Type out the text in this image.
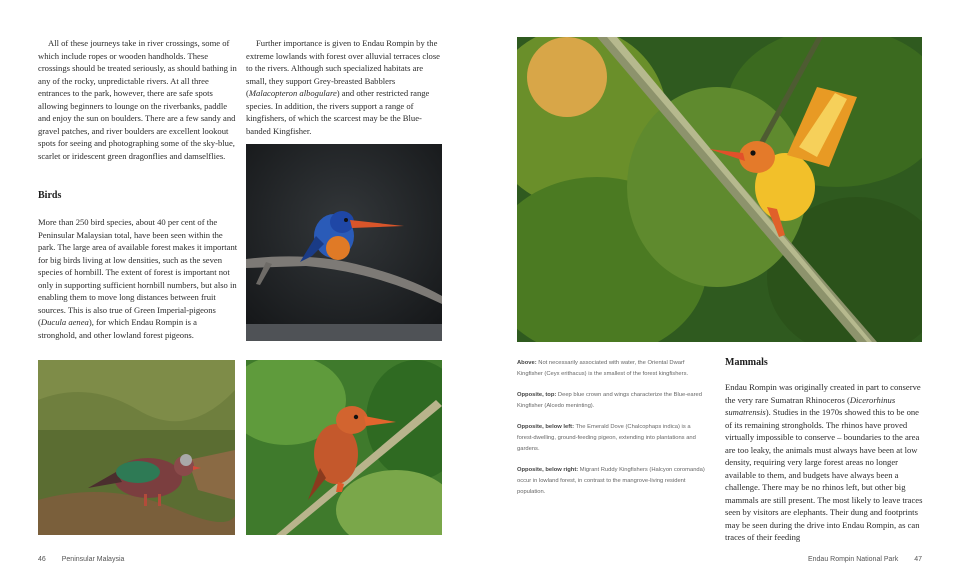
All of these journeys take in river crossings, some of which include ropes or wooden handholds. These crossings should be treated seriously, as should bathing in any of the rocky, unpredictable rivers. At all three entrances to the park, however, there are safe spots allowing beginners to lounge on the riverbanks, paddle and enjoy the sun on boulders. There are a few sandy and gravel patches, and river boulders are excellent lookout spots for seeing and photographing some of the sky-blue, scarlet or iridescent green dragonflies and damselflies.

Birds

More than 250 bird species, about 40 per cent of the Peninsular Malaysian total, have been seen within the park. The large area of available forest makes it important for big birds living at low densities, such as the seven species of hornbill. The extent of forest is important not only in supporting sufficient hornbill numbers, but also in enabling them to move long distances between fruit sources. This is also true of Green Imperial-pigeons (Ducula aenea), for which Endau Rompin is a stronghold, and other lowland forest pigeons.

Further importance is given to Endau Rompin by the extreme lowlands with forest over alluvial terraces close to the rivers. Although such specialized habitats are small, they support Grey-breasted Babblers (Malacopteron albogulare) and other restricted range species. In addition, the rivers support a range of kingfishers, of which the scarcest may be the Blue-banded Kingfisher.

46 Peninsular Malaysia

Above: Not necessarily associated with water, the Oriental Dwarf Kingfisher (Ceyx erithacus) is the smallest of the forest kingfishers.

Opposite, top: Deep blue crown and wings characterize the Blue-eared Kingfisher (Alcedo meninting).

Opposite, below left: The Emerald Dove (Chalcophaps indica) is a forest-dwelling, ground-feeding pigeon, extending into plantations and gardens.

Opposite, below right: Migrant Ruddy Kingfishers (Halcyon coromanda) occur in lowland forest, in contrast to the mangrove-living resident population.

Mammals

Endau Rompin was originally created in part to conserve the very rare Sumatran Rhinoceros (Dicerorhinus sumatrensis). Studies in the 1970s showed this to be one of its remaining strongholds. The rhinos have proved virtually impossible to conserve – boundaries to the area are too leaky, the animals must always have been at low density, requiring very large forest areas no longer available to them, and budgets have always been a challenge. There may be no rhinos left, but other big mammals are still present. The most likely to leave traces seen by visitors are elephants. Their dung and footprints may be seen during the drive into Endau Rompin, as can traces of their feeding

Endau Rompin National Park 47
